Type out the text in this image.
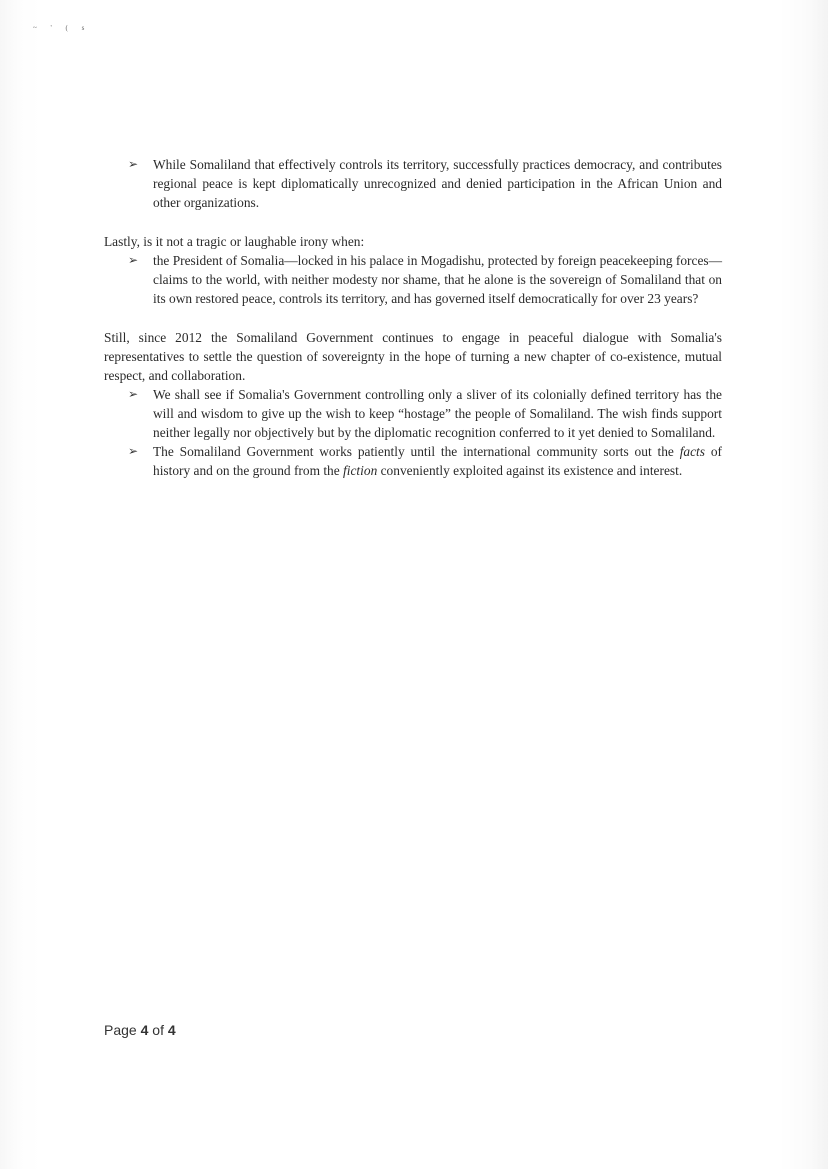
~ ' ( s
➢ While Somaliland that effectively controls its territory, successfully practices democracy, and contributes regional peace is kept diplomatically unrecognized and denied participation in the African Union and other organizations.

Lastly, is it not a tragic or laughable irony when:

➢ the President of Somalia—locked in his palace in Mogadishu, protected by foreign peacekeeping forces—claims to the world, with neither modesty nor shame, that he alone is the sovereign of Somaliland that on its own restored peace, controls its territory, and has governed itself democratically for over 23 years?

Still, since 2012 the Somaliland Government continues to engage in peaceful dialogue with Somalia's representatives to settle the question of sovereignty in the hope of turning a new chapter of co-existence, mutual respect, and collaboration.

➢ We shall see if Somalia's Government controlling only a sliver of its colonially defined territory has the will and wisdom to give up the wish to keep “hostage” the people of Somaliland. The wish finds support neither legally nor objectively but by the diplomatic recognition conferred to it yet denied to Somaliland.
➢ The Somaliland Government works patiently until the international community sorts out the facts of history and on the ground from the fiction conveniently exploited against its existence and interest.
Page 4 of 4
